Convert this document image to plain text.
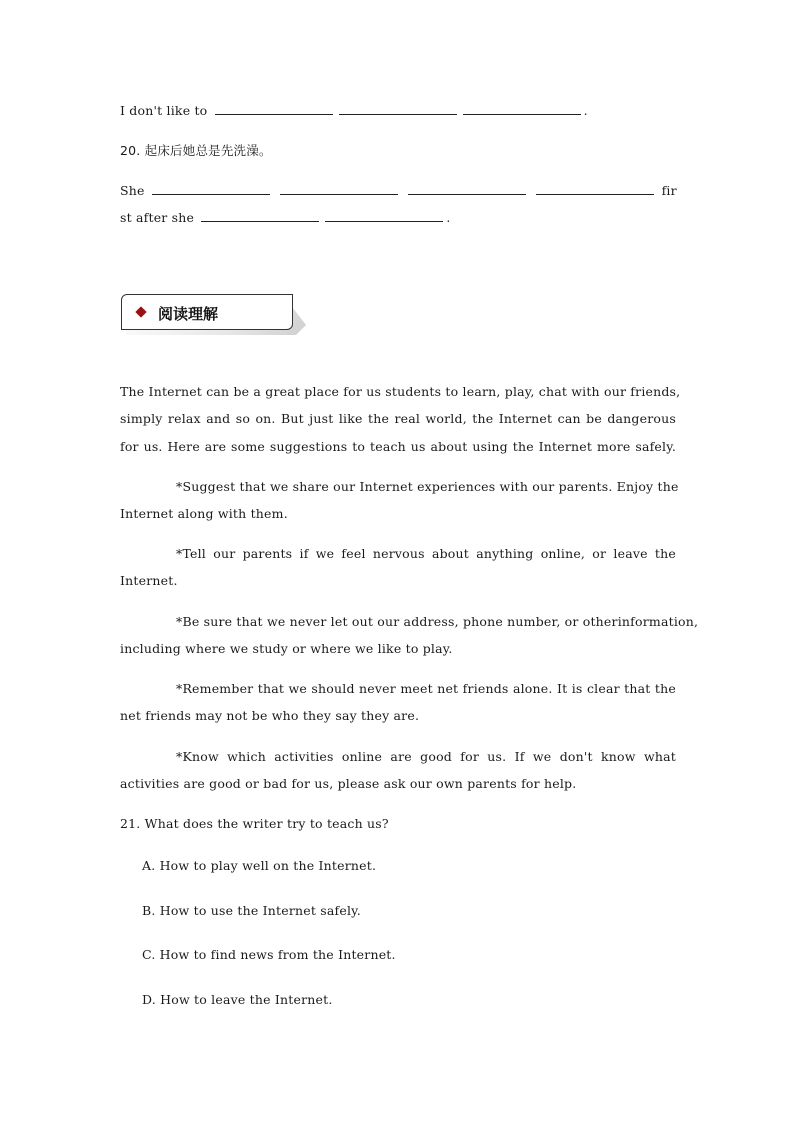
I don't like to	.
20. 起床后她总是先洗澡。
She	fir
st after she	.
阅读理解
The Internet can be a great place for us students to learn, play, chat with our friends,
simply relax and so on. But just like the real world, the Internet can be dangerous
for us. Here are some suggestions to teach us about using the Internet more safely.
*Suggest that we share our Internet experiences with our parents. Enjoy the
Internet along with them.
*Tell our parents if we feel nervous about anything online, or leave the
Internet.
*Be sure that we never let out our address, phone number, or otherinformation,
including where we study or where we like to play.
*Remember that we should never meet net friends alone. It is clear that the
net friends may not be who they say they are.
*Know which activities online are good for us. If we don't know what
activities are good or bad for us, please ask our own parents for help.
21. What does the writer try to teach us?
A. How to play well on the Internet.
B. How to use the Internet safely.
C. How to find news from the Internet.
D. How to leave the Internet.
